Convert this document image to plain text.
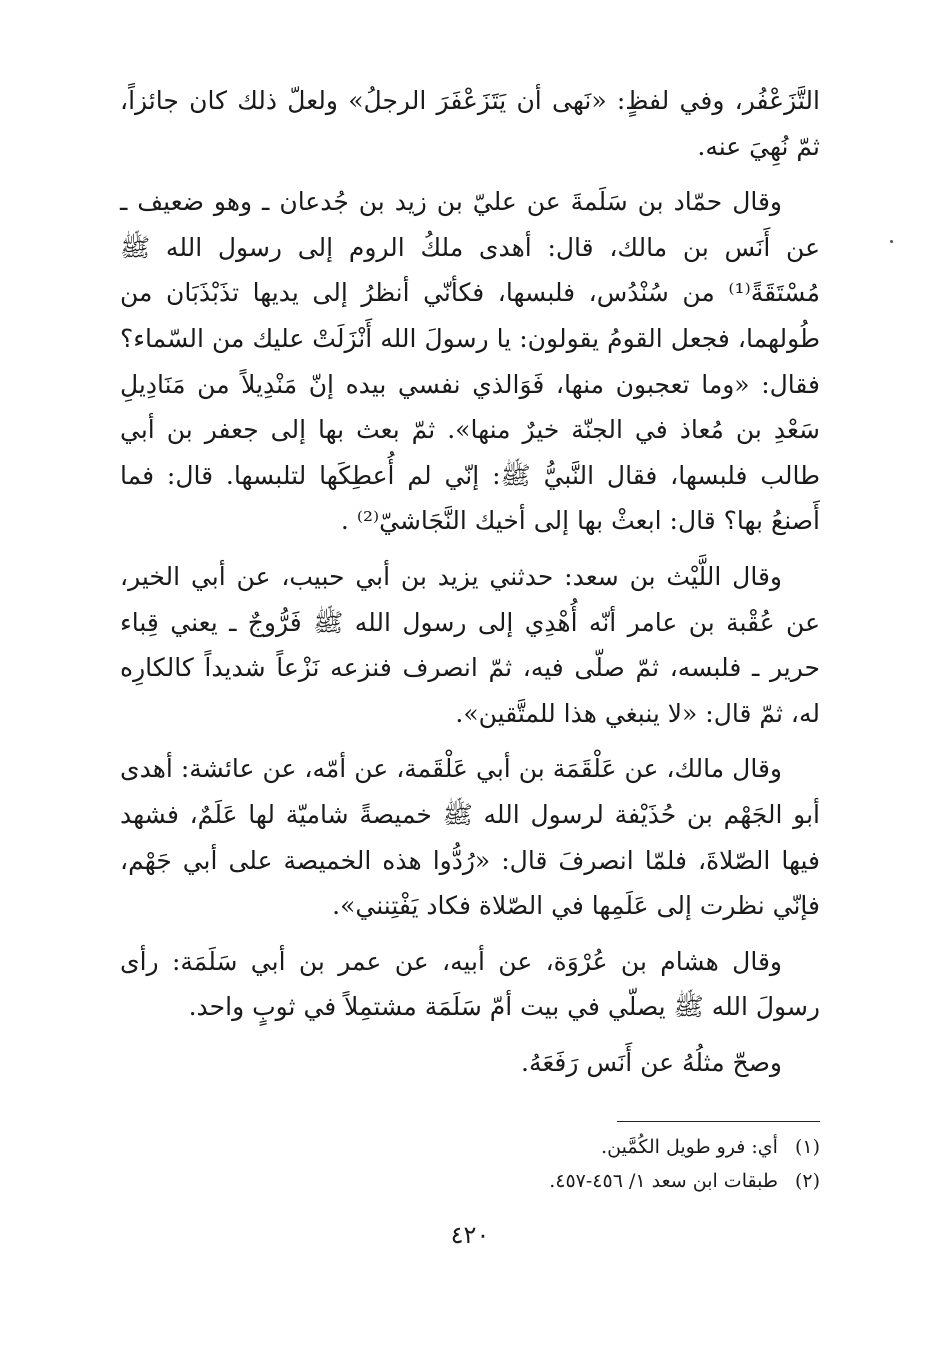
التَّزَعْفُر، وفي لفظٍ: «نَهى أن يَتَزَعْفَرَ الرجلُ» ولعلّ ذلك كان جائزاً، ثمّ نُهِيَ عنه.

وقال حمّاد بن سَلَمةَ عن عليّ بن زيد بن جُدعان ـ وهو ضعيف ـ عن أَنَس بن مالك، قال: أهدى ملكُ الروم إلى رسول الله ﷺ مُسْتَقَةً⁽¹⁾ من سُنْدُس، فلبسها، فكأنّي أنظرُ إلى يديها تذَبْذَبَان من طُولهما، فجعل القومُ يقولون: يا رسولَ الله أَنْزَلَتْ عليك من السّماء؟ فقال: «وما تعجبون منها، فَوَالذي نفسي بيده إنّ مَنْدِيلاً من مَنَادِيلِ سَعْدِ بن مُعاذ في الجنّة خيرٌ منها». ثمّ بعث بها إلى جعفر بن أبي طالب فلبسها، فقال النَّبيُّ ﷺ: إنّي لم أُعطِكَها لتلبسها. قال: فما أَصنعُ بها؟ قال: ابعثْ بها إلى أخيك النَّجَاشيّ⁽²⁾ .

وقال اللَّيْث بن سعد: حدثني يزيد بن أبي حبيب، عن أبي الخير، عن عُقْبة بن عامر أنّه أُهْدِي إلى رسول الله ﷺ فَرُّوجٌ ـ يعني قِباء حرير ـ فلبسه، ثمّ صلّى فيه، ثمّ انصرف فنزعه نَزْعاً شديداً كالكارِه له، ثمّ قال: «لا ينبغي هذا للمتَّقين».

وقال مالك، عن عَلْقَمَة بن أبي عَلْقَمة، عن أمّه، عن عائشة: أهدى أبو الجَهْم بن حُذَيْفة لرسول الله ﷺ خميصةً شاميّة لها عَلَمٌ، فشهد فيها الصّلاةَ، فلمّا انصرفَ قال: «رُدُّوا هذه الخميصة على أبي جَهْم، فإنّي نظرت إلى عَلَمِها في الصّلاة فكاد يَفْتِنني».

وقال هشام بن عُرْوَة، عن أبيه، عن عمر بن أبي سَلَمَة: رأى رسولَ الله ﷺ يصلّي في بيت أمّ سَلَمَة مشتمِلاً في ثوبٍ واحد.

وصحّ مثلُهُ عن أَنَس رَفَعَهُ.

(١) أي: فرو طويل الكُمَّين.

(٢) طبقات ابن سعد ١/ ٤٥٦-٤٥٧.

٤٢٠
